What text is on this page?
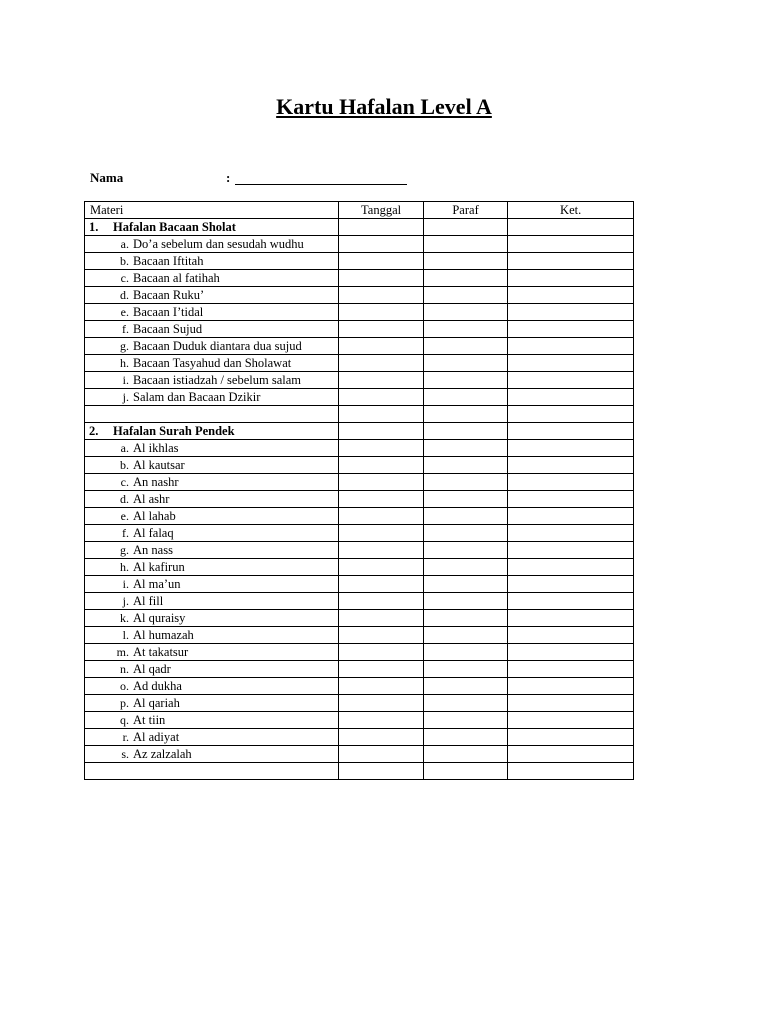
Kartu Hafalan Level A
Nama	:
Materi	Tanggal	Paraf	Ket.
1. Hafalan Bacaan Sholat			
a. Do’a sebelum dan sesudah wudhu			
b. Bacaan Iftitah			
c. Bacaan al fatihah			
d. Bacaan Ruku’			
e. Bacaan I’tidal			
f. Bacaan Sujud			
g. Bacaan Duduk diantara dua sujud			
h. Bacaan Tasyahud dan Sholawat			
i. Bacaan istiadzah / sebelum salam			
j. Salam dan Bacaan Dzikir			

2. Hafalan Surah Pendek			
a. Al ikhlas			
b. Al kautsar			
c. An nashr			
d. Al ashr			
e. Al lahab			
f. Al falaq			
g. An nass			
h. Al kafirun			
i. Al ma’un			
j. Al fill			
k. Al quraisy			
l. Al humazah			
m. At takatsur			
n. Al qadr			
o. Ad dukha			
p. Al qariah			
q. At tiin			
r. Al adiyat			
s. Az zalzalah			
